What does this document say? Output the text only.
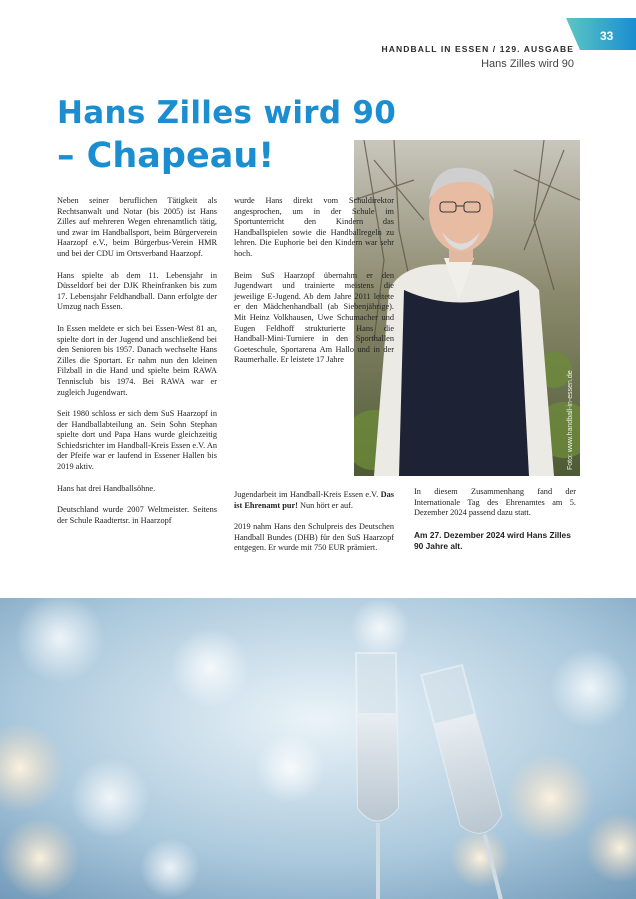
33
HANDBALL IN ESSEN / 129. AUSGABE
Hans Zilles wird 90
Hans Zilles wird 90
– Chapeau!
Foto: www.handball-in-essen.de

Neben seiner beruflichen Tätigkeit als Rechtsanwalt und Notar (bis 2005) ist Hans Zilles auf mehreren Wegen ehrenamtlich tätig, und zwar im Handballsport, beim Bürgerverein Haarzopf e.V., beim Bürgerbus-Verein HMR und bei der CDU im Ortsverband Haarzopf.

Hans spielte ab dem 11. Lebensjahr in Düsseldorf bei der DJK Rheinfranken bis zum 17. Lebensjahr Feldhandball. Dann erfolgte der Umzug nach Essen.

In Essen meldete er sich bei Essen-West 81 an, spielte dort in der Jugend und anschließend bei den Senioren bis 1957. Danach wechselte Hans Zilles die Sportart. Er nahm nun den kleinen Filzball in die Hand und spielte beim RAWA Tennisclub bis 1974. Bei RAWA war er zugleich Jugendwart.

Seit 1980 schloss er sich dem SuS Haarzopf in der Handballabteilung an. Sein Sohn Stephan spielte dort und Papa Hans wurde gleichzeitig Schiedsrichter im Handball-Kreis Essen e.V. An der Pfeife war er laufend in Essener Hallen bis 2019 aktiv.

Hans hat drei Handballsöhne.

Deutschland wurde 2007 Weltmeister. Seitens der Schule Raadtertsr. in Haarzopf

wurde Hans direkt vom Schuldirektor angesprochen, um in der Schule im Sportunterricht den Kindern das Handballspielen sowie die Handballregeln zu lehren. Die Euphorie bei den Kindern war sehr hoch.

Beim SuS Haarzopf übernahm er den Jugendwart und trainierte meistens die jeweilige E-Jugend. Ab dem Jahre 2011 leitete er den Mädchenhandball (ab Siebenjährige). Mit Heinz Volkhausen, Uwe Schumacher und Eugen Feldhoff strukturierte Hans die Handball-Mini-Turniere in den Sporthallen Goeteschule, Sportarena Am Hallo und in der Raumerhalle. Er leistete 17 Jahre

Jugendarbeit im Handball-Kreis Essen e.V. Das ist Ehrenamt pur! Nun hört er auf.

2019 nahm Hans den Schulpreis des Deutschen Handball Bundes (DHB) für den SuS Haarzopf entgegen. Er wurde mit 750 EUR prämiert.

In diesem Zusammenhang fand der Internationale Tag des Ehrenamtes am 5. Dezember 2024 passend dazu statt.

Am 27. Dezember 2024 wird Hans Zilles 90 Jahre alt.
